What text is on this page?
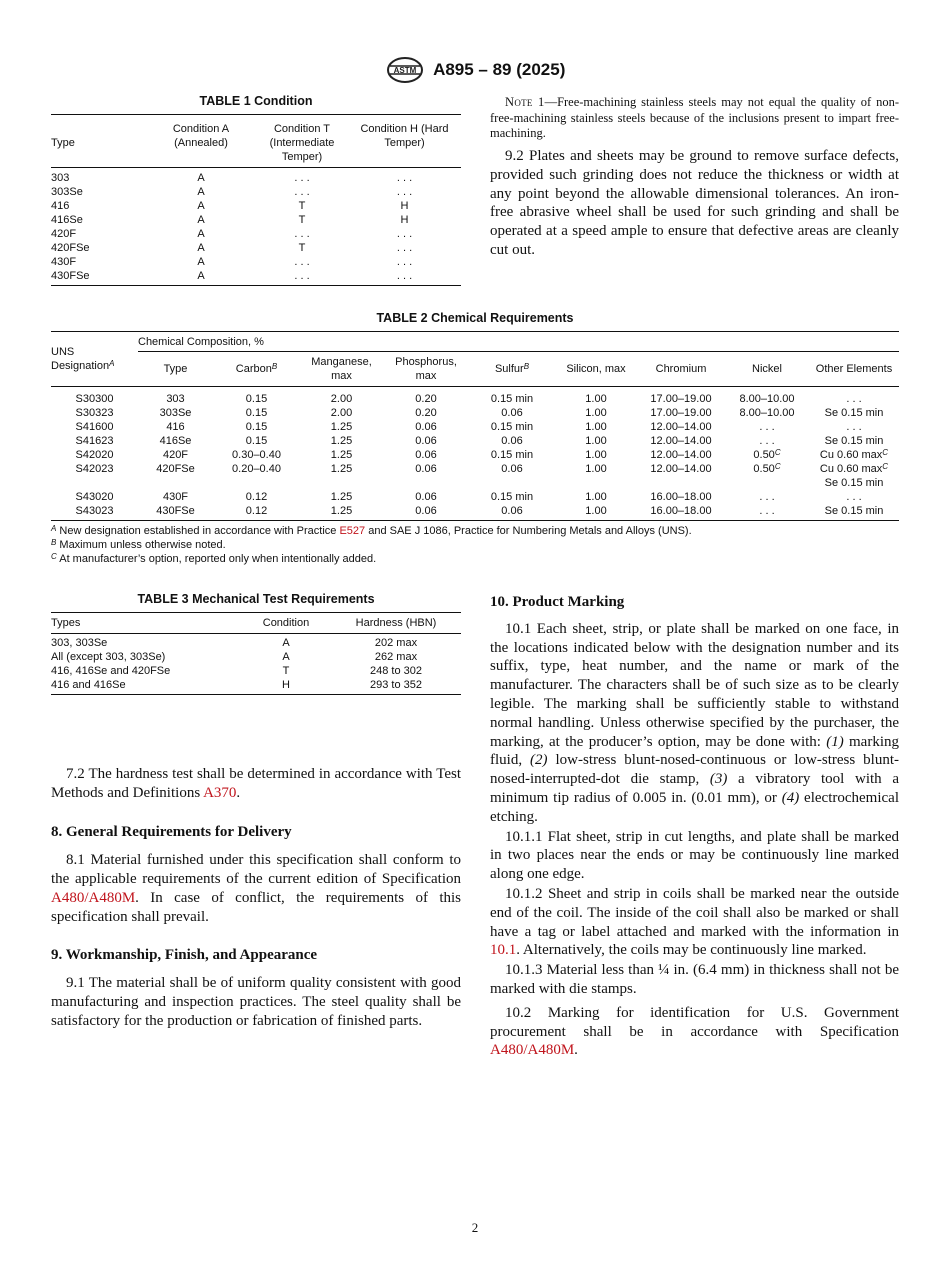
ASTM A895 – 89 (2025)
TABLE 1 Condition
Type	Condition A (Annealed)	Condition T (Intermediate Temper)	Condition H (Hard Temper)
303	A	. . .	. . .
303Se	A	. . .	. . .
416	A	T	H
416Se	A	T	H
420F	A	. . .	. . .
420FSe	A	T	. . .
430F	A	. . .	. . .
430FSe	A	. . .	. . .
Note 1—Free-machining stainless steels may not equal the quality of non-free-machining stainless steels because of the inclusions present to impart free-machining.

9.2 Plates and sheets may be ground to remove surface defects, provided such grinding does not reduce the thickness or width at any point beyond the allowable dimensional tolerances. An iron-free abrasive wheel shall be used for such grinding and shall be operated at a speed ample to ensure that defective areas are cleanly cut out.

TABLE 2 Chemical Requirements
UNS Designation$^A$	Chemical Composition, %								
	Type	Carbon$^B$	Manganese, max	Phosphorus, max	Sulfur$^B$	Silicon, max	Chromium	Nickel	Other Elements
S30300	303	0.15	2.00	0.20	0.15 min	1.00	17.00–19.00	8.00–10.00	. . .
S30323	303Se	0.15	2.00	0.20	0.06	1.00	17.00–19.00	8.00–10.00	Se 0.15 min
S41600	416	0.15	1.25	0.06	0.15 min	1.00	12.00–14.00	. . .	. . .
S41623	416Se	0.15	1.25	0.06	0.06	1.00	12.00–14.00	. . .	Se 0.15 min
S42020	420F	0.30–0.40	1.25	0.06	0.15 min	1.00	12.00–14.00	$0.50^C$	Cu 0.60 $\max^C$
S42023	420FSe	0.20–0.40	1.25	0.06	0.06	1.00	12.00–14.00	$0.50^C$	Cu 0.60 $\max^C$
Se 0.15 min

S43020	430F	0.12	1.25	0.06	0.15 min	1.00	16.00–18.00	. . .	. . .
S43023	430FSe	0.12	1.25	0.06	0.06	1.00	16.00–18.00	. . .	Se 0.15 min
$^A$ New designation established in accordance with Practice E527 and SAE J 1086, Practice for Numbering Metals and Alloys (UNS).
$^B$ Maximum unless otherwise noted.
$^C$ At manufacturer’s option, reported only when intentionally added.
TABLE 3 Mechanical Test Requirements
Types	Condition	Hardness (HBN)
303, 303Se	A	202 max
All (except 303, 303Se)	A	262 max
416, 416Se and 420FSe	T	248 to 302
416 and 416Se	H	293 to 352

7.2 The hardness test shall be determined in accordance with Test Methods and Definitions A370.

8. General Requirements for Delivery

8.1 Material furnished under this specification shall conform to the applicable requirements of the current edition of Specification A480/A480M. In case of conflict, the requirements of this specification shall prevail.

9. Workmanship, Finish, and Appearance

9.1 The material shall be of uniform quality consistent with good manufacturing and inspection practices. The steel quality shall be satisfactory for the production or fabrication of finished parts.

10. Product Marking

10.1 Each sheet, strip, or plate shall be marked on one face, in the locations indicated below with the designation number and its suffix, type, heat number, and the name or mark of the manufacturer. The characters shall be of such size as to be clearly legible. The marking shall be sufficiently stable to withstand normal handling. Unless otherwise specified by the purchaser, the marking, at the producer’s option, may be done with: (1) marking fluid, (2) low-stress blunt-nosed-continuous or low-stress blunt-nosed-interrupted-dot die stamp, (3) a vibratory tool with a minimum tip radius of 0.005 in. (0.01 mm), or (4) electrochemical etching.

10.1.1 Flat sheet, strip in cut lengths, and plate shall be marked in two places near the ends or may be continuously line marked along one edge.

10.1.2 Sheet and strip in coils shall be marked near the outside end of the coil. The inside of the coil shall also be marked or shall have a tag or label attached and marked with the information in 10.1. Alternatively, the coils may be continuously line marked.

10.1.3 Material less than ¼ in. (6.4 mm) in thickness shall not be marked with die stamps.

10.2 Marking for identification for U.S. Government procurement shall be in accordance with Specification A480/A480M.

2
